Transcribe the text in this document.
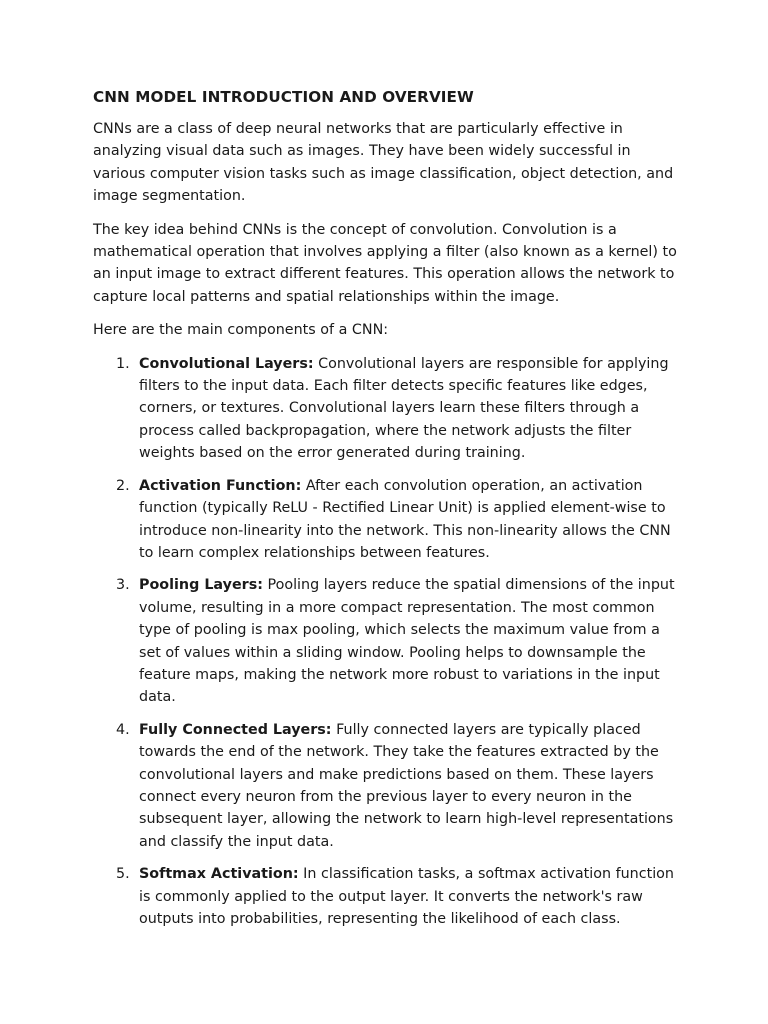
CNN MODEL INTRODUCTION AND OVERVIEW

CNNs are a class of deep neural networks that are particularly effective in analyzing visual data such as images. They have been widely successful in various computer vision tasks such as image classification, object detection, and image segmentation.

The key idea behind CNNs is the concept of convolution. Convolution is a mathematical operation that involves applying a filter (also known as a kernel) to an input image to extract different features. This operation allows the network to capture local patterns and spatial relationships within the image.

Here are the main components of a CNN:

1. Convolutional Layers: Convolutional layers are responsible for applying filters to the input data. Each filter detects specific features like edges, corners, or textures. Convolutional layers learn these filters through a process called backpropagation, where the network adjusts the filter weights based on the error generated during training.
2. Activation Function: After each convolution operation, an activation function (typically ReLU - Rectified Linear Unit) is applied element-wise to introduce non-linearity into the network. This non-linearity allows the CNN to learn complex relationships between features.
3. Pooling Layers: Pooling layers reduce the spatial dimensions of the input volume, resulting in a more compact representation. The most common type of pooling is max pooling, which selects the maximum value from a set of values within a sliding window. Pooling helps to downsample the feature maps, making the network more robust to variations in the input data.
4. Fully Connected Layers: Fully connected layers are typically placed towards the end of the network. They take the features extracted by the convolutional layers and make predictions based on them. These layers connect every neuron from the previous layer to every neuron in the subsequent layer, allowing the network to learn high-level representations and classify the input data.
5. Softmax Activation: In classification tasks, a softmax activation function is commonly applied to the output layer. It converts the network's raw outputs into probabilities, representing the likelihood of each class.
